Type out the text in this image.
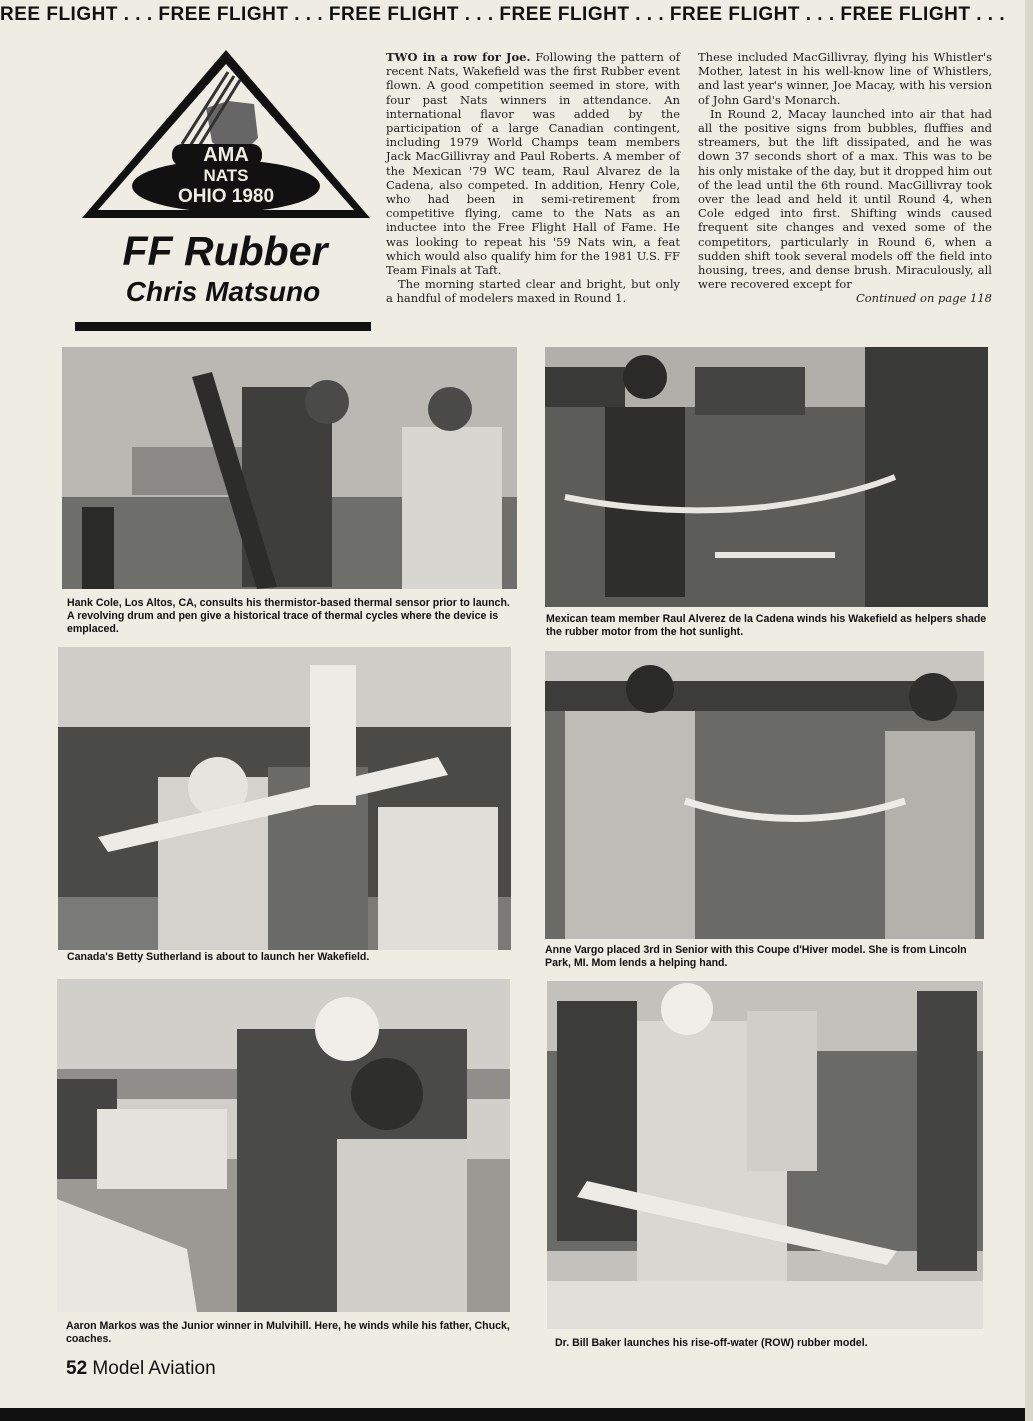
REE FLIGHT . . . FREE FLIGHT . . . FREE FLIGHT . . . FREE FLIGHT . . . FREE FLIGHT . . . FREE FLIGHT . . .
AMA
NATS
OHIO 1980
FF Rubber
Chris Matsuno

TWO in a row for Joe. Following the pattern of recent Nats, Wakefield was the first Rubber event flown. A good competition seemed in store, with four past Nats winners in attendance. An international flavor was added by the participation of a large Canadian contingent, including 1979 World Champs team members Jack MacGillivray and Paul Roberts. A member of the Mexican '79 WC team, Raul Alvarez de la Cadena, also competed. In addition, Henry Cole, who had been in semi-retirement from competitive flying, came to the Nats as an inductee into the Free Flight Hall of Fame. He was looking to repeat his '59 Nats win, a feat which would also qualify him for the 1981 U.S. FF Team Finals at Taft.

The morning started clear and bright, but only a handful of modelers maxed in Round 1.

These included MacGillivray, flying his Whistler's Mother, latest in his well-know line of Whistlers, and last year's winner, Joe Macay, with his version of John Gard's Monarch.

In Round 2, Macay launched into air that had all the positive signs from bubbles, fluffies and streamers, but the lift dissipated, and he was down 37 seconds short of a max. This was to be his only mistake of the day, but it dropped him out of the lead until the 6th round. MacGillivray took over the lead and held it until Round 4, when Cole edged into first. Shifting winds caused frequent site changes and vexed some of the competitors, particularly in Round 6, when a sudden shift took several models off the field into housing, trees, and dense brush. Miraculously, all were recovered except for

Continued on page 118

Hank Cole, Los Altos, CA, consults his thermistor-based thermal sensor prior to launch. A revolving drum and pen give a historical trace of thermal cycles where the device is emplaced.
Mexican team member Raul Alverez de la Cadena winds his Wakefield as helpers shade the rubber motor from the hot sunlight.
Canada's Betty Sutherland is about to launch her Wakefield.
Anne Vargo placed 3rd in Senior with this Coupe d'Hiver model. She is from Lincoln Park, MI. Mom lends a helping hand.
Aaron Markos was the Junior winner in Mulvihill. Here, he winds while his father, Chuck, coaches.	Dr. Bill Baker launches his rise-off-water (ROW) rubber model.
52 Model Aviation
